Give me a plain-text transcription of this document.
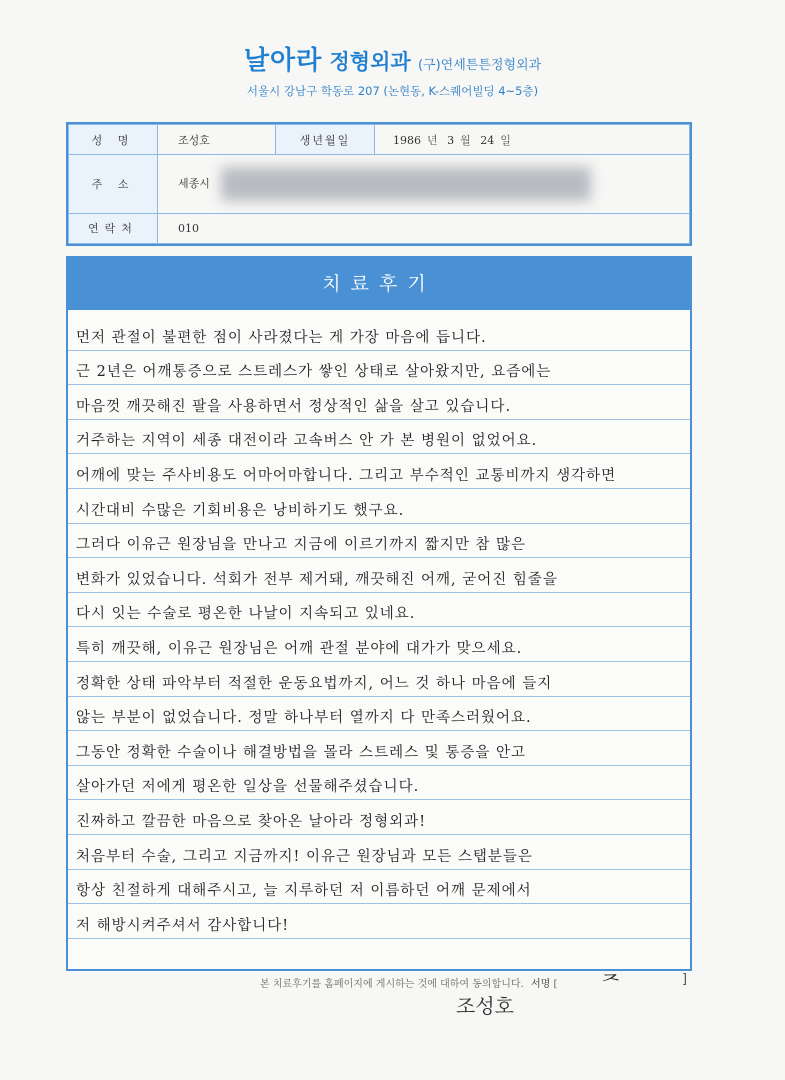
날아라 정형외과 (구)연세튼튼정형외과
서울시 강남구 학동로 207 (논현동, K-스퀘어빌딩 4~5층)
성 명	조성호	생년월일	1986 년 3 월 24 일
주 소	세종시		
연락처	010		
치료후기
먼저 관절이 불편한 점이 사라졌다는 게 가장 마음에 듭니다.
근 2년은 어깨통증으로 스트레스가 쌓인 상태로 살아왔지만, 요즘에는
마음껏 깨끗해진 팔을 사용하면서 정상적인 삶을 살고 있습니다.
거주하는 지역이 세종 대전이라 고속버스 안 가 본 병원이 없었어요.
어깨에 맞는 주사비용도 어마어마합니다. 그리고 부수적인 교통비까지 생각하면
시간대비 수많은 기회비용은 낭비하기도 했구요.
그러다 이유근 원장님을 만나고 지금에 이르기까지 짧지만 참 많은
변화가 있었습니다. 석회가 전부 제거돼, 깨끗해진 어깨, 굳어진 힘줄을
다시 잇는 수술로 평온한 나날이 지속되고 있네요.
특히 깨끗해, 이유근 원장님은 어깨 관절 분야에 대가가 맞으세요.
정확한 상태 파악부터 적절한 운동요법까지, 어느 것 하나 마음에 들지
않는 부분이 없었습니다. 정말 하나부터 열까지 다 만족스러웠어요.
그동안 정확한 수술이나 해결방법을 몰라 스트레스 및 통증을 안고
살아가던 저에게 평온한 일상을 선물해주셨습니다.
진짜하고 깔끔한 마음으로 찾아온 날아라 정형외과!
처음부터 수술, 그리고 지금까지! 이유근 원장님과 모든 스탭분들은
항상 친절하게 대해주시고, 늘 지루하던 저 이름하던 어깨 문제에서
저 해방시켜주셔서 감사합니다!
본 치료후기를 홈페이지에 게시하는 것에 대하여 동의합니다. 서명 [ ᄌ	]
조성호
